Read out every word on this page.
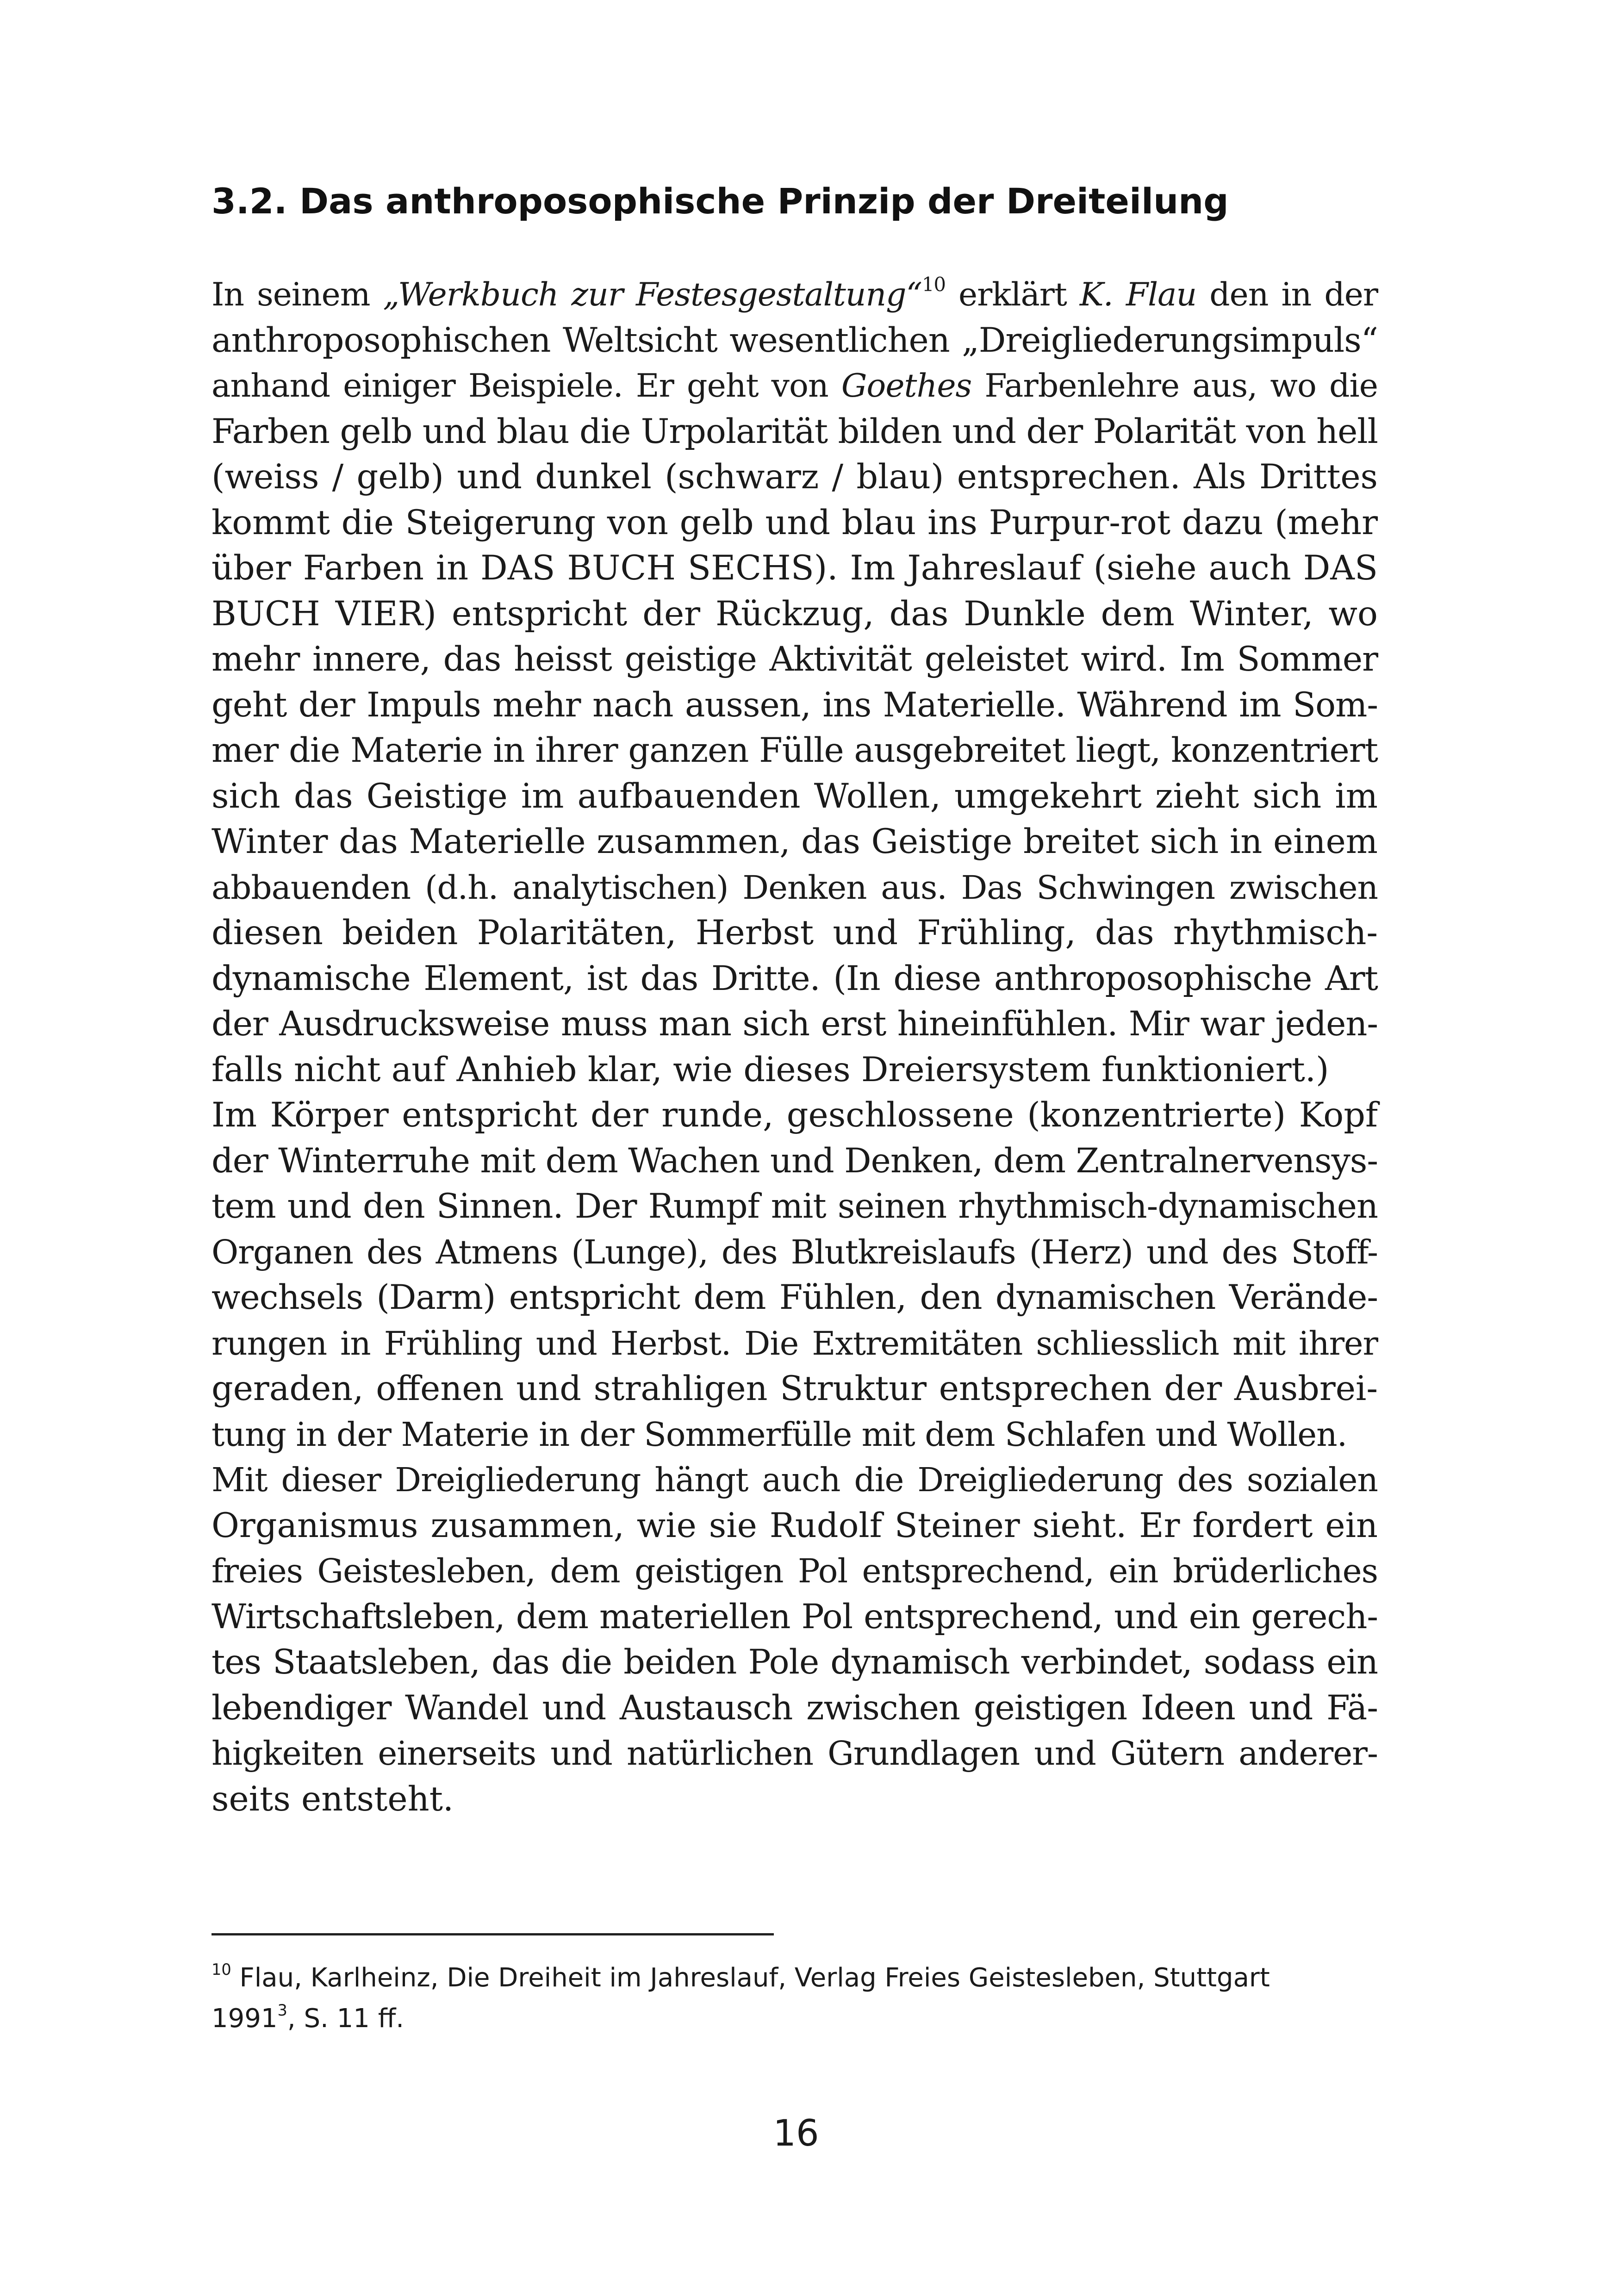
3.2. Das anthroposophische Prinzip der Dreiteilung
In seinem „Werkbuch zur Festesgestaltung“$^{10}$ erklärt K. Flau den in der
anthroposophischen Weltsicht wesentlichen „Dreigliederungsimpuls“
anhand einiger Beispiele. Er geht von Goethes Farbenlehre aus, wo die
Farben gelb und blau die Urpolarität bilden und der Polarität von hell
(weiss / gelb) und dunkel (schwarz / blau) entsprechen. Als Drittes
kommt die Steigerung von gelb und blau ins Purpur-rot dazu (mehr
über Farben in DAS BUCH SECHS). Im Jahreslauf (siehe auch DAS
BUCH VIER) entspricht der Rückzug, das Dunkle dem Winter, wo
mehr innere, das heisst geistige Aktivität geleistet wird. Im Sommer
geht der Impuls mehr nach aussen, ins Materielle. Während im Som-
mer die Materie in ihrer ganzen Fülle ausgebreitet liegt, konzentriert
sich das Geistige im aufbauenden Wollen, umgekehrt zieht sich im
Winter das Materielle zusammen, das Geistige breitet sich in einem
abbauenden (d.h. analytischen) Denken aus. Das Schwingen zwischen
diesen beiden Polaritäten, Herbst und Frühling, das rhythmisch-
dynamische Element, ist das Dritte. (In diese anthroposophische Art
der Ausdrucksweise muss man sich erst hineinfühlen. Mir war jeden-
falls nicht auf Anhieb klar, wie dieses Dreiersystem funktioniert.)
Im Körper entspricht der runde, geschlossene (konzentrierte) Kopf
der Winterruhe mit dem Wachen und Denken, dem Zentralnervensys-
tem und den Sinnen. Der Rumpf mit seinen rhythmisch-dynamischen
Organen des Atmens (Lunge), des Blutkreislaufs (Herz) und des Stoff-
wechsels (Darm) entspricht dem Fühlen, den dynamischen Verände-
rungen in Frühling und Herbst. Die Extremitäten schliesslich mit ihrer
geraden, offenen und strahligen Struktur entsprechen der Ausbrei-
tung in der Materie in der Sommerfülle mit dem Schlafen und Wollen.
Mit dieser Dreigliederung hängt auch die Dreigliederung des sozialen
Organismus zusammen, wie sie Rudolf Steiner sieht. Er fordert ein
freies Geistesleben, dem geistigen Pol entsprechend, ein brüderliches
Wirtschaftsleben, dem materiellen Pol entsprechend, und ein gerech-
tes Staatsleben, das die beiden Pole dynamisch verbindet, sodass ein
lebendiger Wandel und Austausch zwischen geistigen Ideen und Fä-
higkeiten einerseits und natürlichen Grundlagen und Gütern anderer-
seits entsteht.
$^{10}$ Flau, Karlheinz, Die Dreiheit im Jahreslauf, Verlag Freies Geistesleben, Stuttgart
1991$^3$, S. 11 ff.
16
